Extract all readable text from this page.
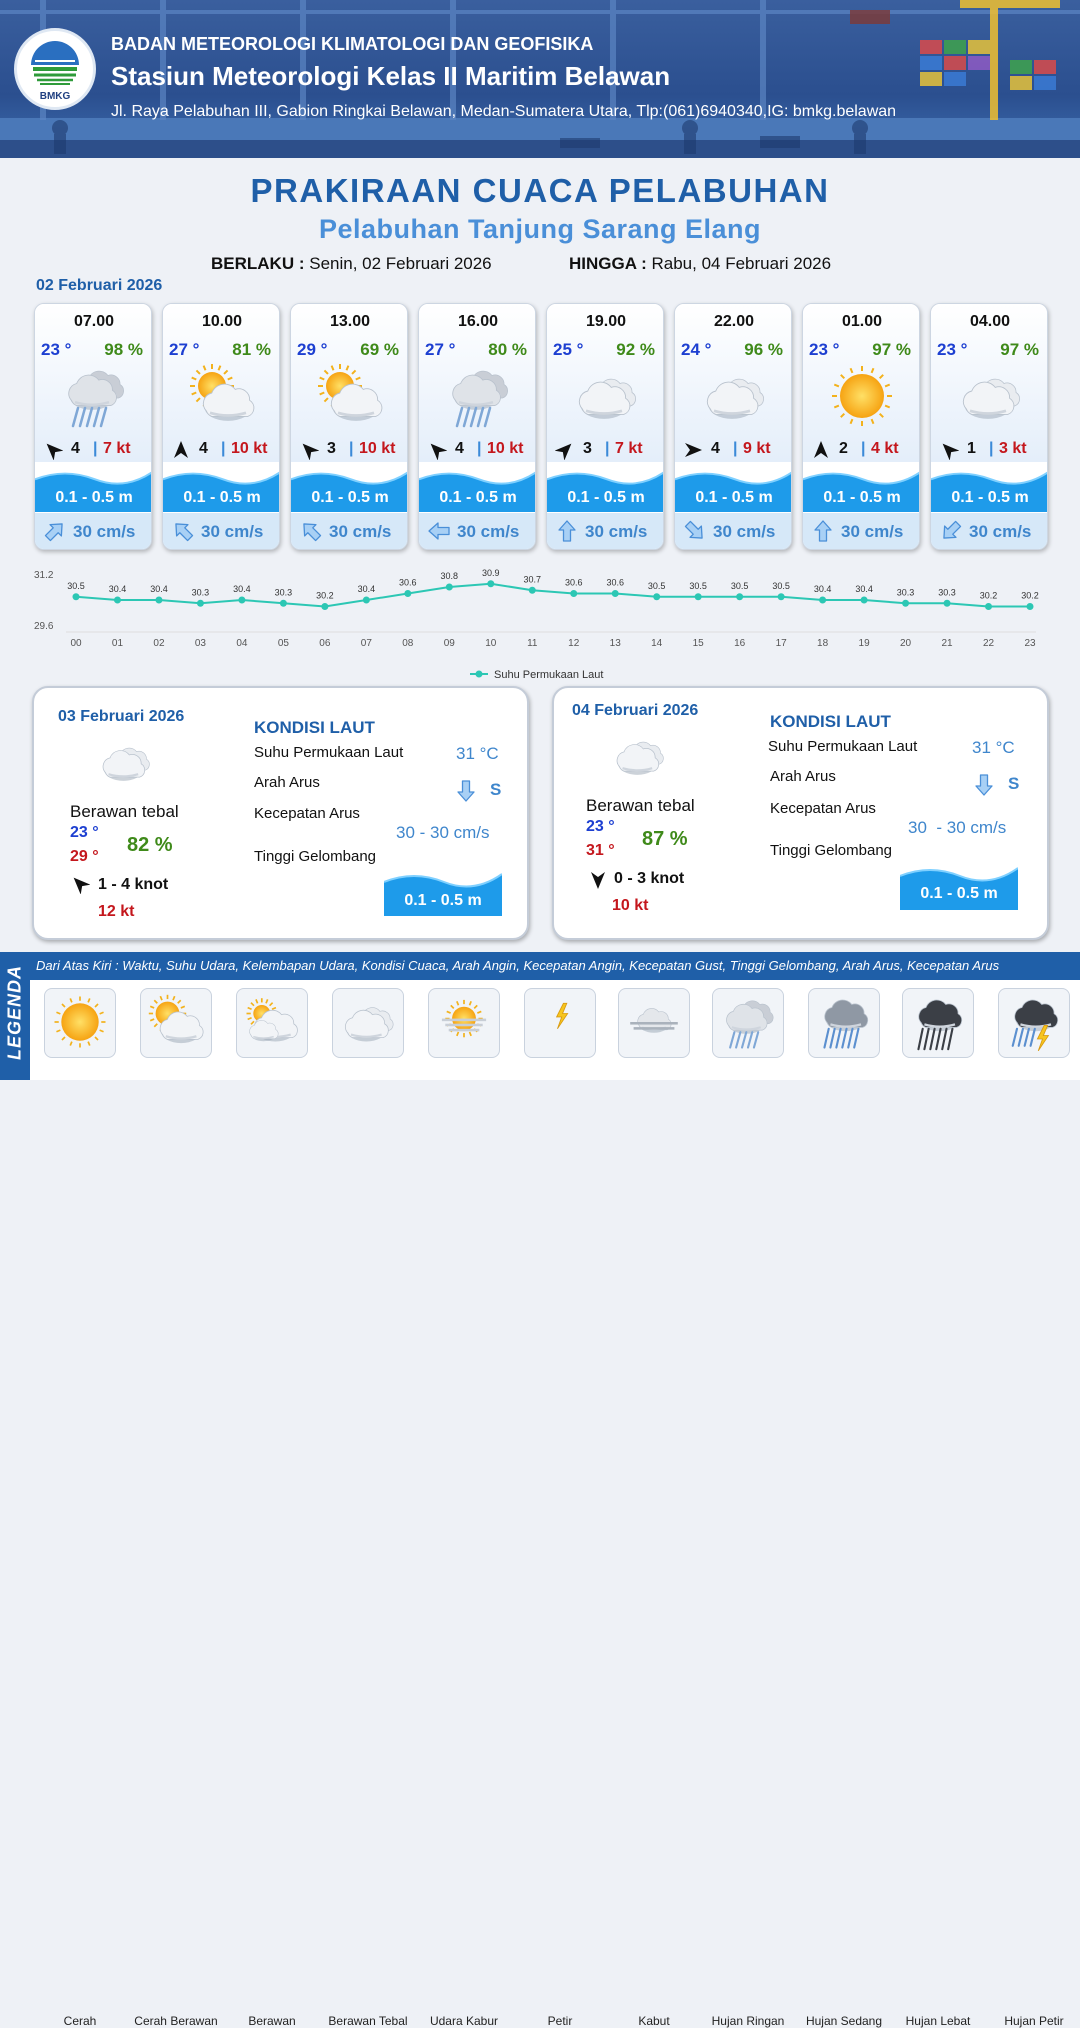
BMKG
BADAN METEOROLOGI KLIMATOLOGI DAN GEOFISIKA
Stasiun Meteorologi Kelas II Maritim Belawan
Jl. Raya Pelabuhan III, Gabion Ringkai Belawan, Medan-Sumatera Utara, Tlp:(061)6940340,IG: bmkg.belawan
PRAKIRAAN CUACA PELABUHAN
Pelabuhan Tanjung Sarang Elang
BERLAKU : Senin, 02 Februari 2026	HINGGA : Rabu, 04 Februari 2026
02 Februari 2026
07.00
23 ° 98 %
4 | 7 kt
0.1 - 0.5 m
30 cm/s
10.00
27 ° 81 %
4 | 10 kt
0.1 - 0.5 m
30 cm/s
13.00
29 ° 69 %
3 | 10 kt
0.1 - 0.5 m
30 cm/s
16.00
27 ° 80 %
4 | 10 kt
0.1 - 0.5 m
30 cm/s
19.00
25 ° 92 %
3 | 7 kt
0.1 - 0.5 m
30 cm/s
22.00
24 ° 96 %
4 | 9 kt
0.1 - 0.5 m
30 cm/s
01.00
23 ° 97 %
2 | 4 kt
0.1 - 0.5 m
30 cm/s
04.00
23 ° 97 %
1 | 3 kt
0.1 - 0.5 m
30 cm/s
31.2
29.6
30.5
00
30.4
01
30.4
02
30.3
03
30.4
04
30.3
05
30.2
06
30.4
07
30.6
08
30.8
09
30.9
10
30.7
11
30.6
12
30.6
13
30.5
14
30.5
15
30.5
16
30.5
17
30.4
18
30.4
19
30.3
20
30.3
21
30.2
22
30.2
23
Suhu Permukaan Laut
03 Februari 2026
Berawan tebal
23 °
29 °
82 %
1 - 4 knot
12 kt
KONDISI LAUT
Suhu Permukaan Laut	31 °C
Arah Arus	S
Kecepatan Arus
30 - 30 cm/s
Tinggi Gelombang
0.1 - 0.5 m
04 Februari 2026
Berawan tebal
23 °
31 °
87 %
0 - 3 knot
10 kt
KONDISI LAUT
Suhu Permukaan Laut	31 °C
Arah Arus	S
Kecepatan Arus
30  - 30 cm/s
Tinggi Gelombang
0.1 - 0.5 m
LEGENDA Dari Atas Kiri : Waktu, Suhu Udara, Kelembapan Udara, Kondisi Cuaca, Arah Angin, Kecepatan Angin, Kecepatan Gust, Tinggi Gelombang, Arah Arus, Kecepatan Arus
Cerah	Cerah Berawan	Berawan	Berawan Tebal	Udara Kabur	Petir	Kabut	Hujan Ringan	Hujan Sedang	Hujan Lebat	Hujan Petir
